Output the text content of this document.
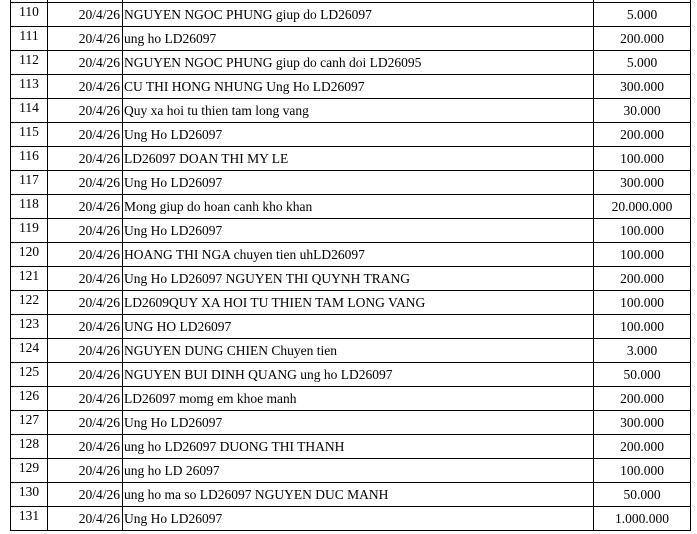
110	20/4/26	NGUYEN NGOC PHUNG giup do LD26097	5.000
111	20/4/26	ung ho LD26097	200.000
112	20/4/26	NGUYEN NGOC PHUNG giup do canh doi LD26095	5.000
113	20/4/26	CU THI HONG NHUNG Ung Ho LD26097	300.000
114	20/4/26	Quy xa hoi tu thien tam long vang	30.000
115	20/4/26	Ung Ho LD26097	200.000
116	20/4/26	LD26097 DOAN THI MY LE	100.000
117	20/4/26	Ung Ho LD26097	300.000
118	20/4/26	Mong giup do hoan canh kho khan	20.000.000
119	20/4/26	Ung Ho LD26097	100.000
120	20/4/26	HOANG THI NGA chuyen tien uhLD26097	100.000
121	20/4/26	Ung Ho LD26097 NGUYEN THI QUYNH TRANG	200.000
122	20/4/26	LD2609QUY XA HOI TU THIEN TAM LONG VANG	100.000
123	20/4/26	UNG HO LD26097	100.000
124	20/4/26	NGUYEN DUNG CHIEN Chuyen tien	3.000
125	20/4/26	NGUYEN BUI DINH QUANG ung ho LD26097	50.000
126	20/4/26	LD26097 momg em khoe manh	200.000
127	20/4/26	Ung Ho LD26097	300.000
128	20/4/26	ung ho LD26097 DUONG THI THANH	200.000
129	20/4/26	ung ho LD 26097	100.000
130	20/4/26	ung ho ma so LD26097 NGUYEN DUC MANH	50.000
131	20/4/26	Ung Ho LD26097	1.000.000
